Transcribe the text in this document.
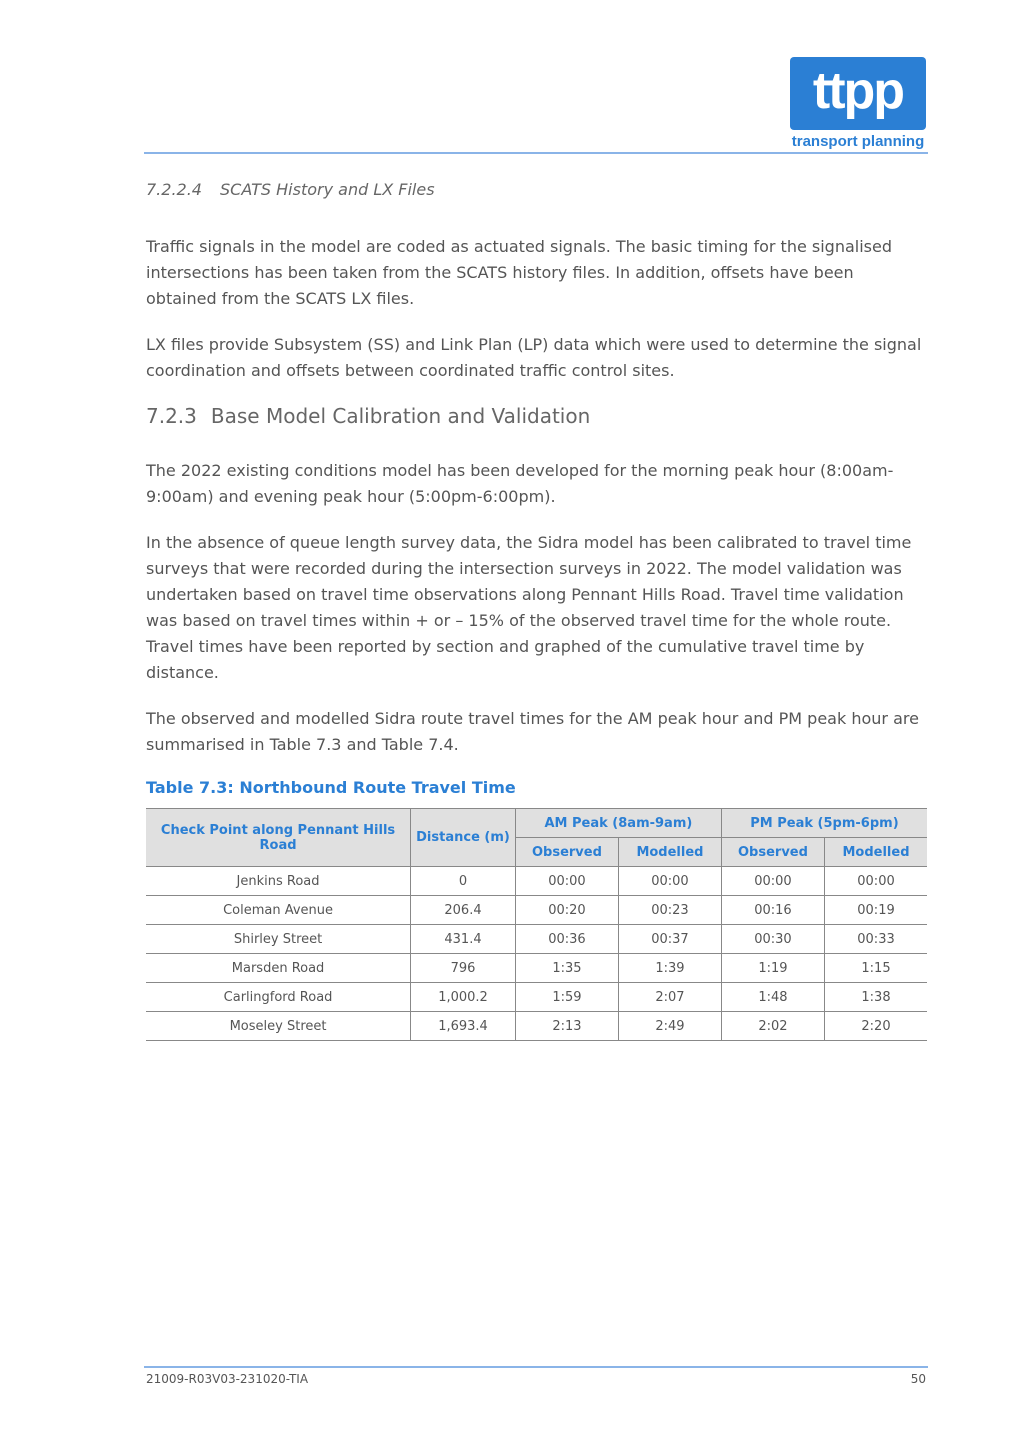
ttpp
transport planning
7.2.2.4 SCATS History and LX Files

Traffic signals in the model are coded as actuated signals. The basic timing for the signalised intersections has been taken from the SCATS history files. In addition, offsets have been obtained from the SCATS LX files.

LX files provide Subsystem (SS) and Link Plan (LP) data which were used to determine the signal coordination and offsets between coordinated traffic control sites.

7.2.3 Base Model Calibration and Validation

The 2022 existing conditions model has been developed for the morning peak hour (8:00am-9:00am) and evening peak hour (5:00pm-6:00pm).

In the absence of queue length survey data, the Sidra model has been calibrated to travel time surveys that were recorded during the intersection surveys in 2022. The model validation was undertaken based on travel time observations along Pennant Hills Road. Travel time validation was based on travel times within + or – 15% of the observed travel time for the whole route. Travel times have been reported by section and graphed of the cumulative travel time by distance.

The observed and modelled Sidra route travel times for the AM peak hour and PM peak hour are summarised in Table 7.3 and Table 7.4.

Table 7.3: Northbound Route Travel Time
Check Point along Pennant Hills Road	Distance (m)	AM Peak (8am-9am)		PM Peak (5pm-6pm)	
		Observed	Modelled	Observed	Modelled
Jenkins Road	0	00:00	00:00	00:00	00:00
Coleman Avenue	206.4	00:20	00:23	00:16	00:19
Shirley Street	431.4	00:36	00:37	00:30	00:33
Marsden Road	796	1:35	1:39	1:19	1:15
Carlingford Road	1,000.2	1:59	2:07	1:48	1:38
Moseley Street	1,693.4	2:13	2:49	2:02	2:20
21009-R03V03-231020-TIA	50
